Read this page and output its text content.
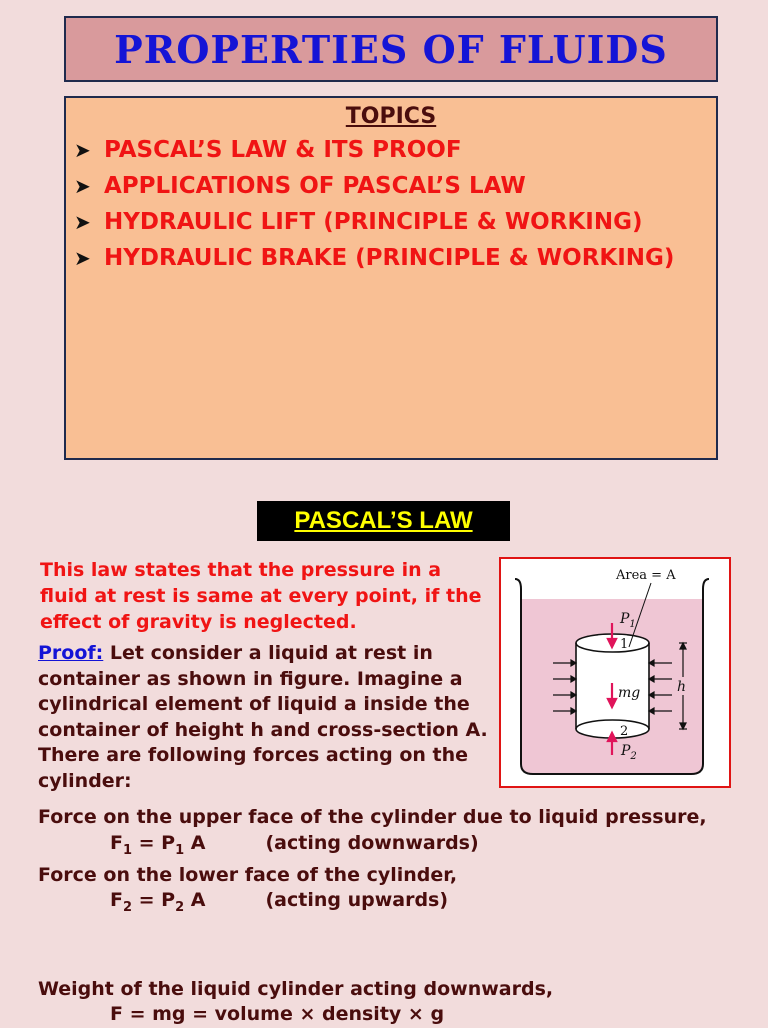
PROPERTIES OF FLUIDS
TOPICS
➤ PASCAL’S LAW & ITS PROOF
➤ APPLICATIONS OF PASCAL’S LAW
➤ HYDRAULIC LIFT (PRINCIPLE & WORKING)
➤ HYDRAULIC BRAKE (PRINCIPLE & WORKING)
PASCAL’S LAW
This law states that the pressure in a fluid at rest is same at every point, if the effect of gravity is neglected.
Proof: Let consider a liquid at rest in container as shown in figure. Imagine a cylindrical element of liquid a inside the container of height h and cross-section A. There are following forces acting on the cylinder:
h
Area = A
$P_1$
1
mg
2
$P_2$
Force on the upper face of the cylinder due to liquid pressure,
$F_1 = P_1$ A	(acting downwards)
Force on the lower face of the cylinder,
$F_2 = P_2$ A	(acting upwards)
Weight of the liquid cylinder acting downwards,
F = mg = volume × density × g
